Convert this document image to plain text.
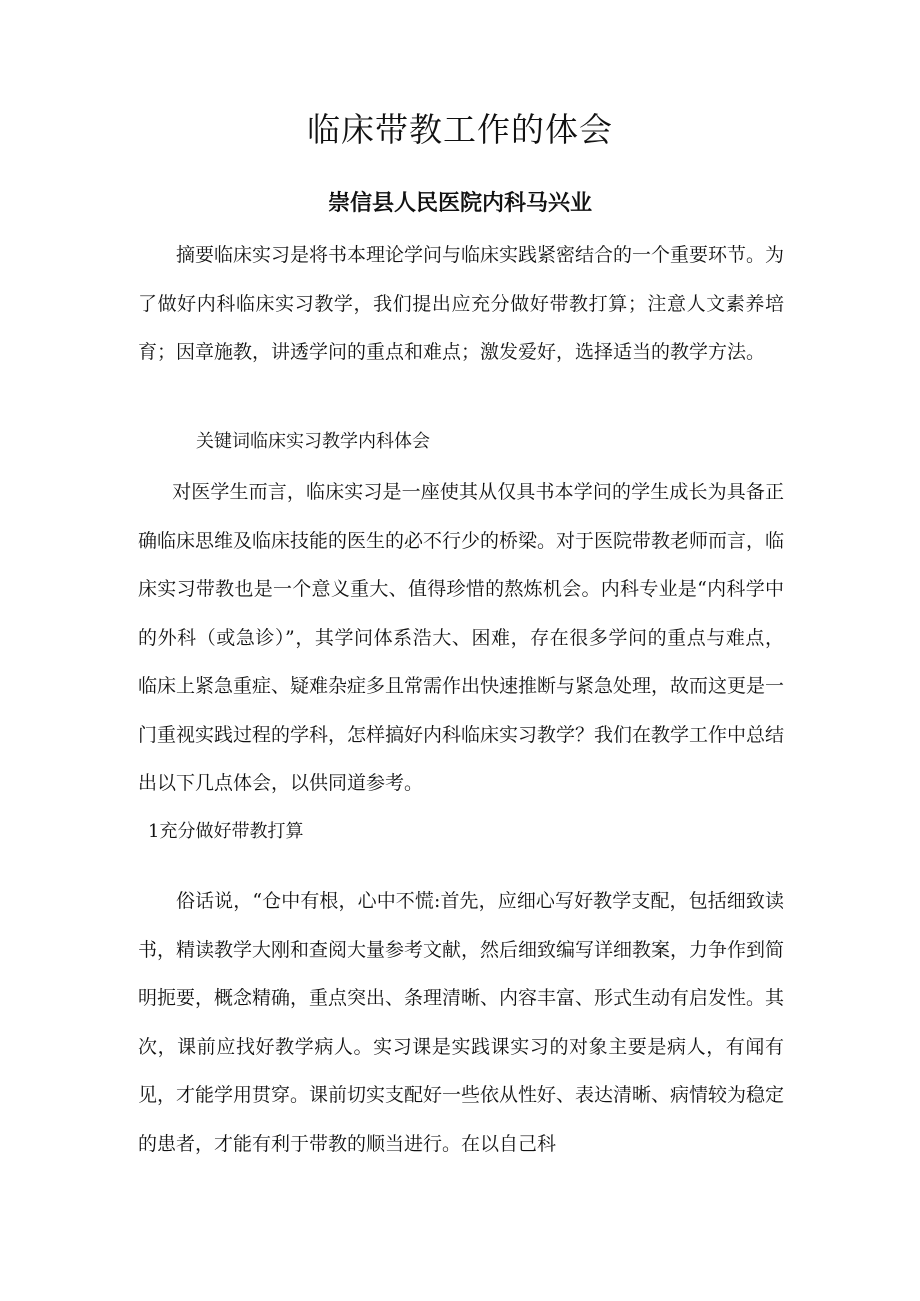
临床带教工作的体会
崇信县人民医院内科马兴业

摘要临床实习是将书本理论学问与临床实践紧密结合的一个重要环节。为了做好内科临床实习教学，我们提出应充分做好带教打算；注意人文素养培育；因章施教，讲透学问的重点和难点；激发爱好，选择适当的教学方法。

关键词临床实习教学内科体会

对医学生而言，临床实习是一座使其从仅具书本学问的学生成长为具备正确临床思维及临床技能的医生的必不行少的桥梁。对于医院带教老师而言，临床实习带教也是一个意义重大、值得珍惜的熬炼机会。内科专业是“内科学中的外科（或急诊）”，其学问体系浩大、困难，存在很多学问的重点与难点，临床上紧急重症、疑难杂症多且常需作出快速推断与紧急处理，故而这更是一门重视实践过程的学科，怎样搞好内科临床实习教学？我们在教学工作中总结出以下几点体会，以供同道参考。

1充分做好带教打算

俗话说，“仓中有根，心中不慌:首先，应细心写好教学支配，包括细致读书，精读教学大刚和查阅大量参考文献，然后细致编写详细教案，力争作到简明扼要，概念精确，重点突出、条理清晰、内容丰富、形式生动有启发性。其次，课前应找好教学病人。实习课是实践课实习的对象主要是病人，有闻有见，才能学用贯穿。课前切实支配好一些依从性好、表达清晰、病情较为稳定的患者，才能有利于带教的顺当进行。在以自己科
